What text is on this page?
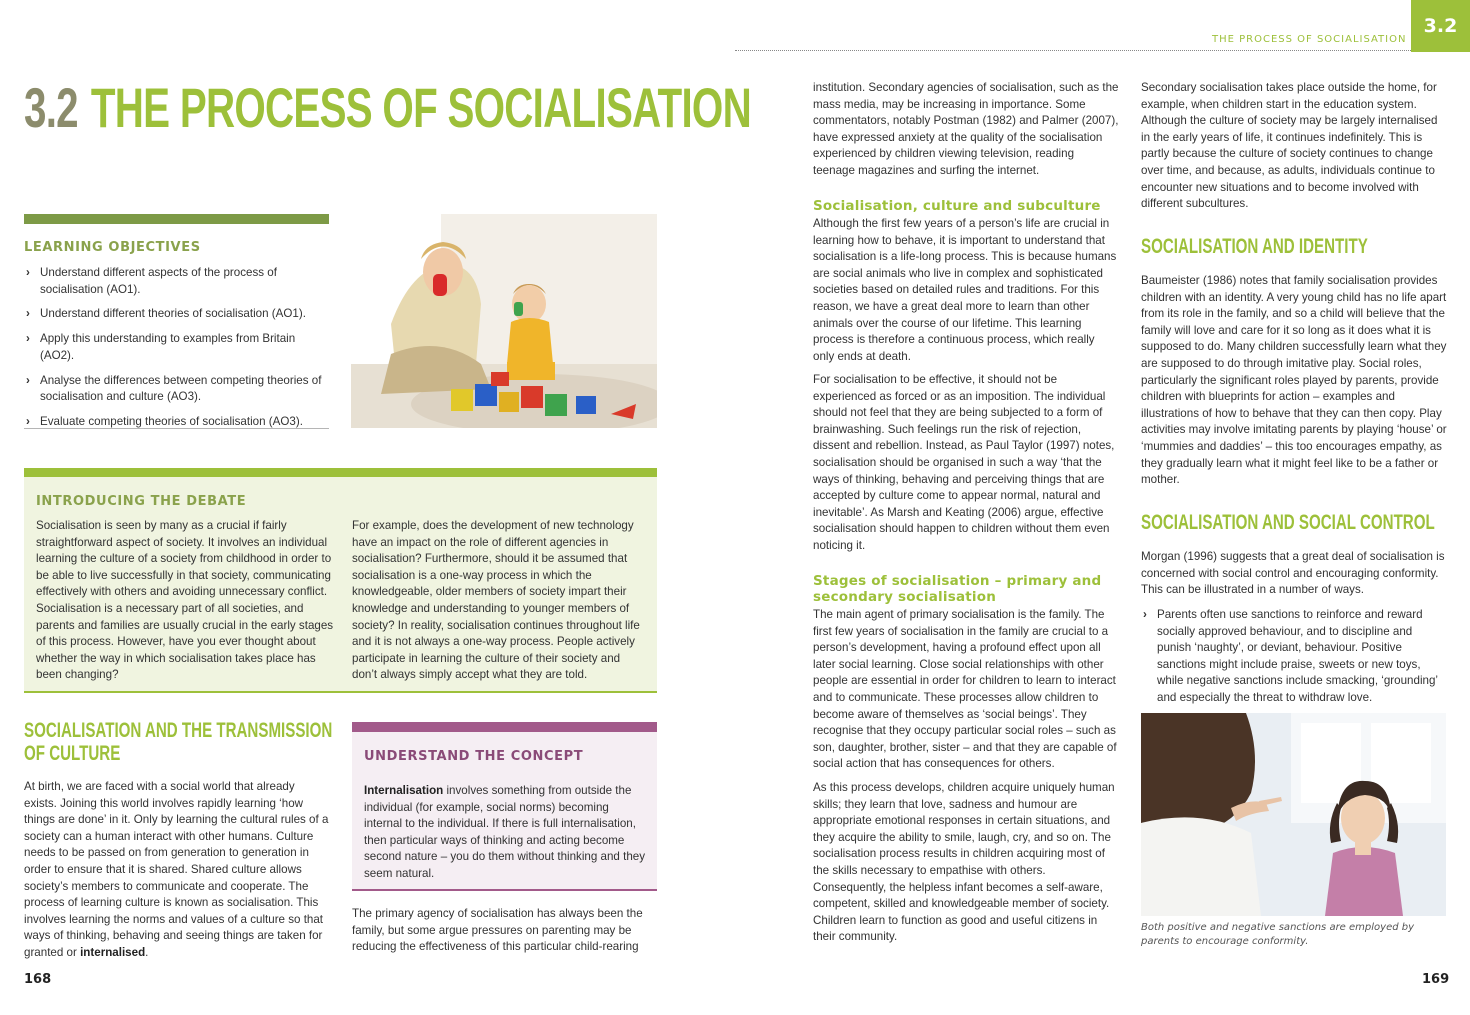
3.2 THE PROCESS OF SOCIALISATION
LEARNING OBJECTIVES
› Understand different aspects of the process of socialisation (AO1).
› Understand different theories of socialisation (AO1).
› Apply this understanding to examples from Britain (AO2).
› Analyse the differences between competing theories of socialisation and culture (AO3).
› Evaluate competing theories of socialisation (AO3).
INTRODUCING THE DEBATE
Socialisation is seen by many as a crucial if fairly straightforward aspect of society. It involves an individual learning the culture of a society from childhood in order to be able to live successfully in that society, communicating effectively with others and avoiding unnecessary conflict. Socialisation is a necessary part of all societies, and parents and families are usually crucial in the early stages of this process. However, have you ever thought about whether the way in which socialisation takes place has been changing?
For example, does the development of new technology have an impact on the role of different agencies in socialisation? Furthermore, should it be assumed that socialisation is a one-way process in which the knowledgeable, older members of society impart their knowledge and understanding to younger members of society? In reality, socialisation continues throughout life and it is not always a one-way process. People actively participate in learning the culture of their society and don’t always simply accept what they are told.
SOCIALISATION AND THE TRANSMISSION
OF CULTURE
At birth, we are faced with a social world that already exists. Joining this world involves rapidly learning ‘how things are done’ in it. Only by learning the cultural rules of a society can a human interact with other humans. Culture needs to be passed on from generation to generation in order to ensure that it is shared. Shared culture allows society’s members to communicate and cooperate. The process of learning culture is known as socialisation. This involves learning the norms and values of a culture so that ways of thinking, behaving and seeing things are taken for granted or internalised.
UNDERSTAND THE CONCEPT
Internalisation involves something from outside the individual (for example, social norms) becoming internal to the individual. If there is full internalisation, then particular ways of thinking and acting become second nature – you do them without thinking and they seem natural.
The primary agency of socialisation has always been the family, but some argue pressures on parenting may be reducing the effectiveness of this particular child-rearing
168
THE PROCESS OF SOCIALISATION
3.2
institution. Secondary agencies of socialisation, such as the mass media, may be increasing in importance. Some commentators, notably Postman (1982) and Palmer (2007), have expressed anxiety at the quality of the socialisation experienced by children viewing television, reading teenage magazines and surfing the internet.
Socialisation, culture and subculture
Although the first few years of a person’s life are crucial in learning how to behave, it is important to understand that socialisation is a life-long process. This is because humans are social animals who live in complex and sophisticated societies based on detailed rules and traditions. For this reason, we have a great deal more to learn than other animals over the course of our lifetime. This learning process is therefore a continuous process, which really only ends at death.
For socialisation to be effective, it should not be experienced as forced or as an imposition. The individual should not feel that they are being subjected to a form of brainwashing. Such feelings run the risk of rejection, dissent and rebellion. Instead, as Paul Taylor (1997) notes, socialisation should be organised in such a way ‘that the ways of thinking, behaving and perceiving things that are accepted by culture come to appear normal, natural and inevitable’. As Marsh and Keating (2006) argue, effective socialisation should happen to children without them even noticing it.
Stages of socialisation – primary and
secondary socialisation
The main agent of primary socialisation is the family. The first few years of socialisation in the family are crucial to a person’s development, having a profound effect upon all later social learning. Close social relationships with other people are essential in order for children to learn to interact and to communicate. These processes allow children to become aware of themselves as ‘social beings’. They recognise that they occupy particular social roles – such as son, daughter, brother, sister – and that they are capable of social action that has consequences for others.
As this process develops, children acquire uniquely human skills; they learn that love, sadness and humour are appropriate emotional responses in certain situations, and they acquire the ability to smile, laugh, cry, and so on. The socialisation process results in children acquiring most of the skills necessary to empathise with others. Consequently, the helpless infant becomes a self-aware, competent, skilled and knowledgeable member of society. Children learn to function as good and useful citizens in their community.
Secondary socialisation takes place outside the home, for example, when children start in the education system. Although the culture of society may be largely internalised in the early years of life, it continues indefinitely. This is partly because the culture of society continues to change over time, and because, as adults, individuals continue to encounter new situations and to become involved with different subcultures.
SOCIALISATION AND IDENTITY
Baumeister (1986) notes that family socialisation provides children with an identity. A very young child has no life apart from its role in the family, and so a child will believe that the family will love and care for it so long as it does what it is supposed to do. Many children successfully learn what they are supposed to do through imitative play. Social roles, particularly the significant roles played by parents, provide children with blueprints for action – examples and illustrations of how to behave that they can then copy. Play activities may involve imitating parents by playing ‘house’ or ‘mummies and daddies’ – this too encourages empathy, as they gradually learn what it might feel like to be a father or mother.
SOCIALISATION AND SOCIAL CONTROL
Morgan (1996) suggests that a great deal of socialisation is concerned with social control and encouraging conformity. This can be illustrated in a number of ways.
› Parents often use sanctions to reinforce and reward socially approved behaviour, and to discipline and punish ‘naughty’, or deviant, behaviour. Positive sanctions might include praise, sweets or new toys, while negative sanctions include smacking, ‘grounding’ and especially the threat to withdraw love.
Both positive and negative sanctions are employed by parents to encourage conformity.
169
